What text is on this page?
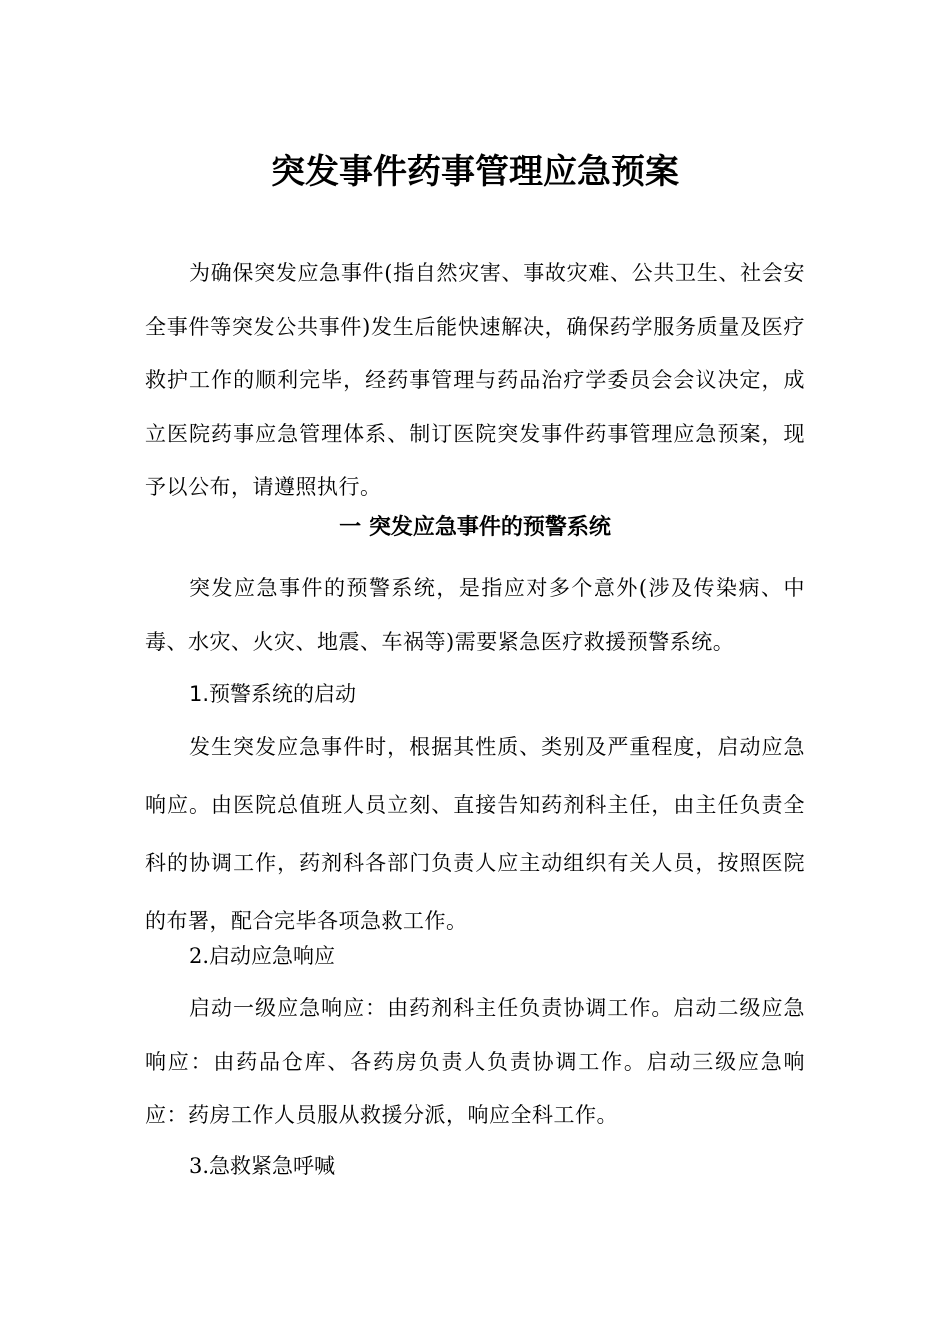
突发事件药事管理应急预案

为确保突发应急事件(指自然灾害、事故灾难、公共卫生、社会安全事件等突发公共事件)发生后能快速解决，确保药学服务质量及医疗救护工作的顺利完毕，经药事管理与药品治疗学委员会会议决定，成立医院药事应急管理体系、制订医院突发事件药事管理应急预案，现予以公布，请遵照执行。

一 突发应急事件的预警系统

突发应急事件的预警系统，是指应对多个意外(涉及传染病、中毒、水灾、火灾、地震、车祸等)需要紧急医疗救援预警系统。

1.预警系统的启动

发生突发应急事件时，根据其性质、类别及严重程度，启动应急响应。由医院总值班人员立刻、直接告知药剂科主任，由主任负责全科的协调工作，药剂科各部门负责人应主动组织有关人员，按照医院的布署，配合完毕各项急救工作。

2.启动应急响应

启动一级应急响应：由药剂科主任负责协调工作。启动二级应急响应：由药品仓库、各药房负责人负责协调工作。启动三级应急响应：药房工作人员服从救援分派，响应全科工作。

3.急救紧急呼喊
